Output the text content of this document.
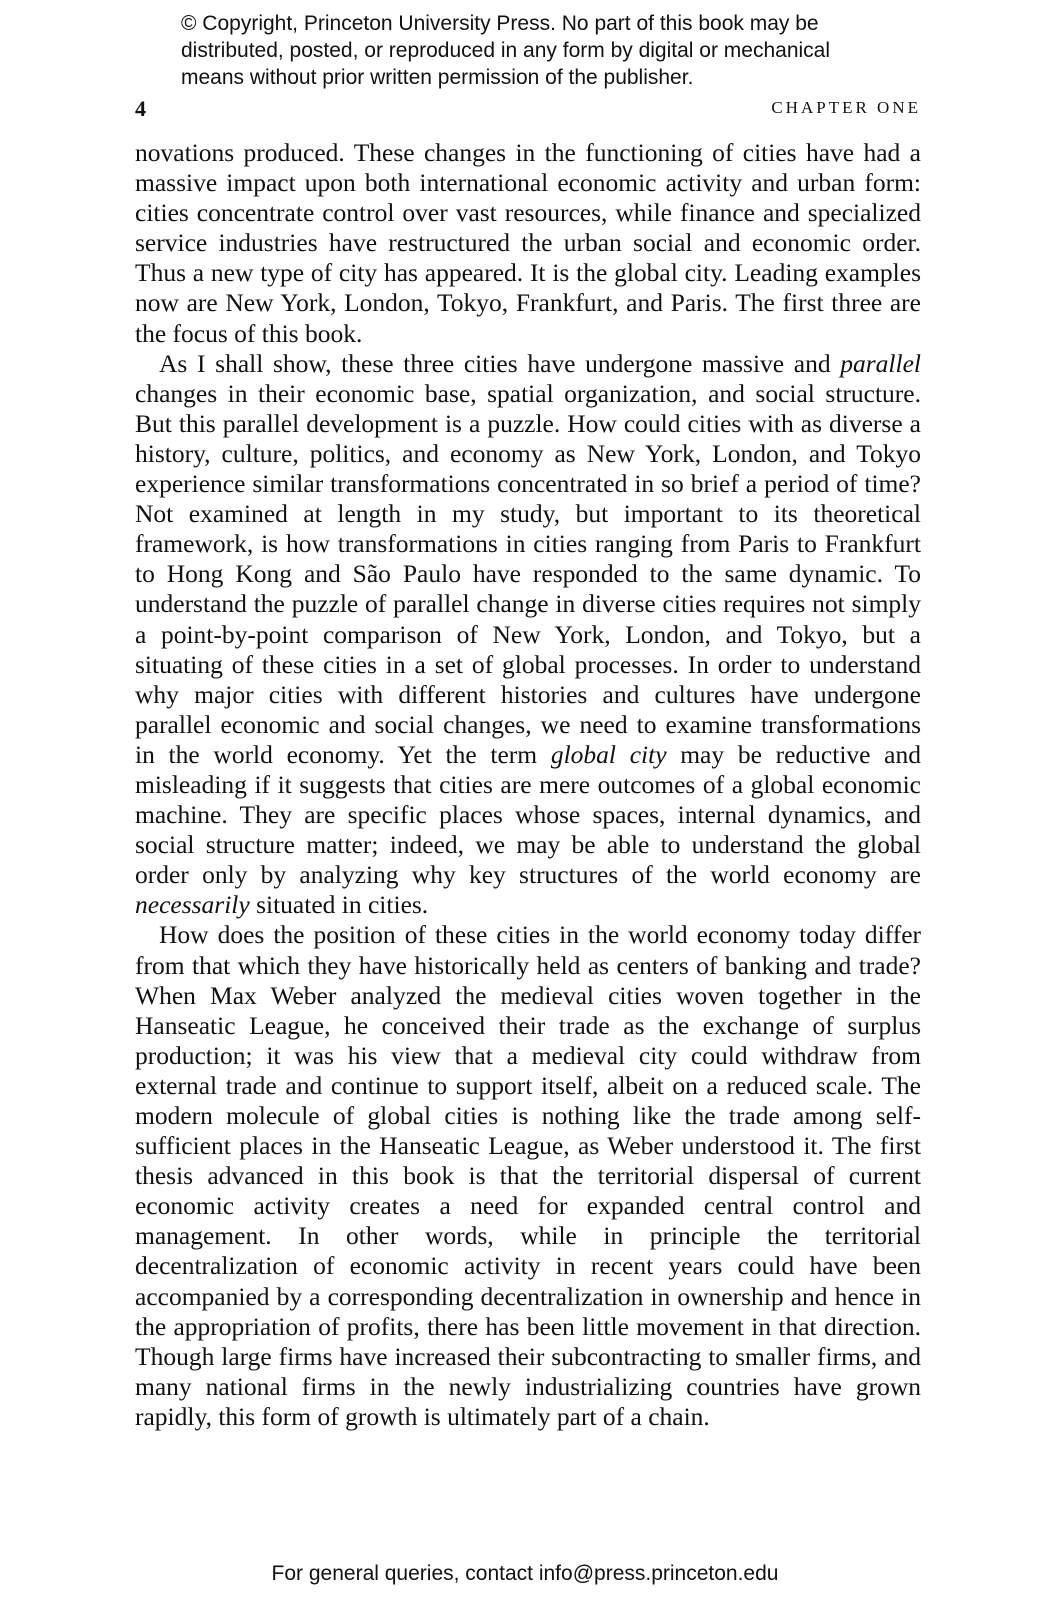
© Copyright, Princeton University Press. No part of this book may be
distributed, posted, or reproduced in any form by digital or mechanical
means without prior written permission of the publisher.
4	CHAPTER ONE

novations produced. These changes in the functioning of cities have had a massive impact upon both international economic activity and urban form: cities concentrate control over vast resources, while finance and specialized service industries have restructured the urban social and economic order. Thus a new type of city has appeared. It is the global city. Leading examples now are New York, London, Tokyo, Frankfurt, and Paris. The first three are the focus of this book.

As I shall show, these three cities have undergone massive and parallel changes in their economic base, spatial organization, and social structure. But this parallel development is a puzzle. How could cities with as diverse a history, culture, politics, and economy as New York, London, and Tokyo experience similar transformations concentrated in so brief a period of time? Not examined at length in my study, but important to its theoretical framework, is how transformations in cities ranging from Paris to Frankfurt to Hong Kong and São Paulo have responded to the same dynamic. To understand the puzzle of parallel change in diverse cities requires not simply a point-by-point comparison of New York, London, and Tokyo, but a situating of these cities in a set of global processes. In order to understand why major cities with different histories and cultures have undergone parallel economic and social changes, we need to examine transformations in the world economy. Yet the term global city may be reductive and misleading if it suggests that cities are mere outcomes of a global economic machine. They are specific places whose spaces, internal dynamics, and social structure matter; indeed, we may be able to understand the global order only by analyzing why key structures of the world economy are necessarily situated in cities.

How does the position of these cities in the world economy today differ from that which they have historically held as centers of banking and trade? When Max Weber analyzed the medieval cities woven together in the Hanseatic League, he conceived their trade as the exchange of surplus production; it was his view that a medieval city could withdraw from external trade and continue to support itself, albeit on a reduced scale. The modern molecule of global cities is nothing like the trade among self-sufficient places in the Hanseatic League, as Weber understood it. The first thesis advanced in this book is that the territorial dispersal of current economic activity creates a need for expanded central control and management. In other words, while in principle the territorial decentralization of economic activity in recent years could have been accompanied by a corresponding decentralization in ownership and hence in the appropriation of profits, there has been little movement in that direction. Though large firms have increased their subcontracting to smaller firms, and many national firms in the newly industrializing countries have grown rapidly, this form of growth is ultimately part of a chain.

For general queries, contact info@press.princeton.edu
